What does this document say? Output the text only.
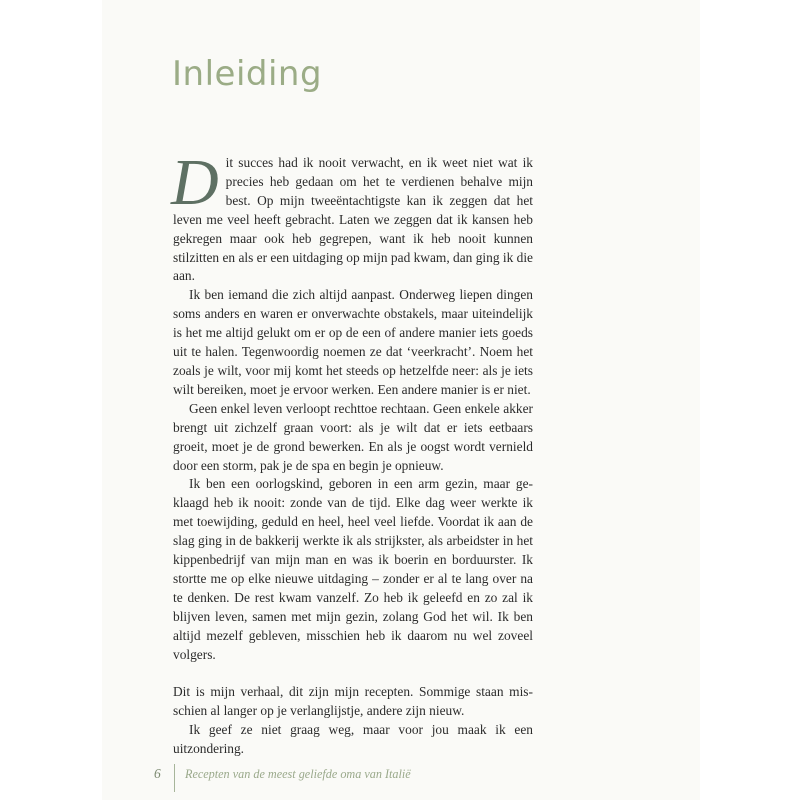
Inleiding

Dit succes had ik nooit verwacht, en ik weet niet wat ik precies heb gedaan om het te verdienen behalve mijn best. Op mijn tweeëntachtigste kan ik zeggen dat het leven me veel heeft gebracht. Laten we zeggen dat ik kansen heb gekregen maar ook heb gegrepen, want ik heb nooit kunnen stilzitten en als er een uitdaging op mijn pad kwam, dan ging ik die aan.

Ik ben iemand die zich altijd aanpast. Onderweg liepen dingen soms anders en waren er onverwachte obstakels, maar uiteindelijk is het me altijd gelukt om er op de een of andere manier iets goeds uit te halen. Tegenwoordig noemen ze dat ‘veerkracht’. Noem het zoals je wilt, voor mij komt het steeds op hetzelfde neer: als je iets wilt bereiken, moet je ervoor werken. Een andere manier is er niet.

Geen enkel leven verloopt rechttoe rechtaan. Geen enkele akker brengt uit zichzelf graan voort: als je wilt dat er iets eetbaars groeit, moet je de grond bewerken. En als je oogst wordt vernield door een storm, pak je de spa en begin je opnieuw.

Ik ben een oorlogskind, geboren in een arm gezin, maar geklaagd heb ik nooit: zonde van de tijd. Elke dag weer werkte ik met toewijding, geduld en heel, heel veel liefde. Voordat ik aan de slag ging in de bakkerij werkte ik als strijkster, als arbeidster in het kippenbedrijf van mijn man en was ik boerin en borduurster. Ik stortte me op elke nieuwe uitdaging – zonder er al te lang over na te denken. De rest kwam vanzelf. Zo heb ik geleefd en zo zal ik blijven leven, samen met mijn gezin, zolang God het wil. Ik ben altijd mezelf gebleven, misschien heb ik daarom nu wel zoveel volgers.

Dit is mijn verhaal, dit zijn mijn recepten. Sommige staan misschien al langer op je verlanglijstje, andere zijn nieuw.

Ik geef ze niet graag weg, maar voor jou maak ik een uitzondering.

6 Recepten van de meest geliefde oma van Italië
